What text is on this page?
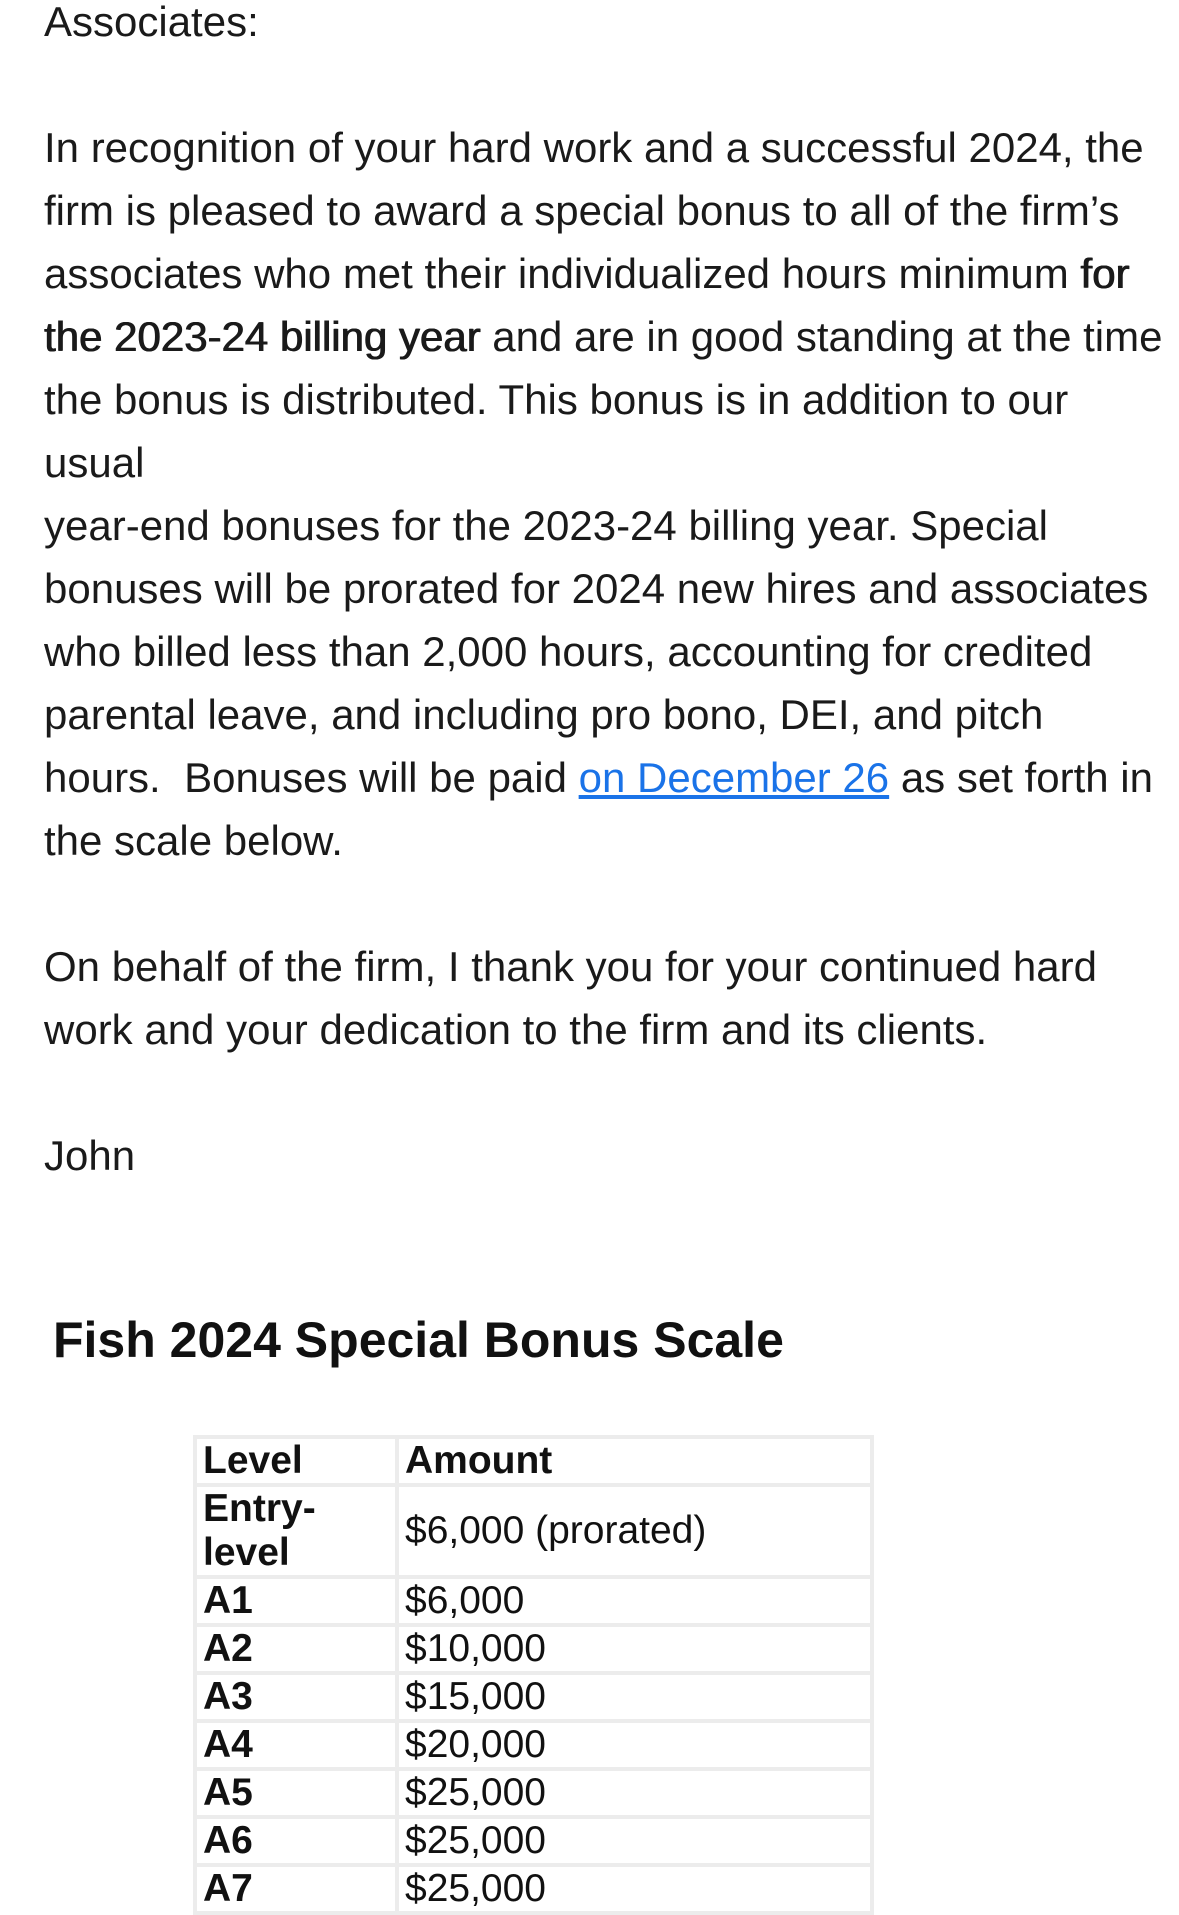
Associates:
In recognition of your hard work and a successful 2024, the
firm is pleased to award a special bonus to all of the firm’s
associates who met their individualized hours minimum for
the 2023-24 billing year and are in good standing at the time
the bonus is distributed. This bonus is in addition to our usual
year-end bonuses for the 2023-24 billing year. Special
bonuses will be prorated for 2024 new hires and associates
who billed less than 2,000 hours, accounting for credited
parental leave, and including pro bono, DEI, and pitch
hours.  Bonuses will be paid on December 26 as set forth in
the scale below.
On behalf of the firm, I thank you for your continued hard
work and your dedication to the firm and its clients.
John
Fish 2024 Special Bonus Scale
Level	Amount
Entry-level	$6,000 (prorated)
A1	$6,000
A2	$10,000
A3	$15,000
A4	$20,000
A5	$25,000
A6	$25,000
A7	$25,000
